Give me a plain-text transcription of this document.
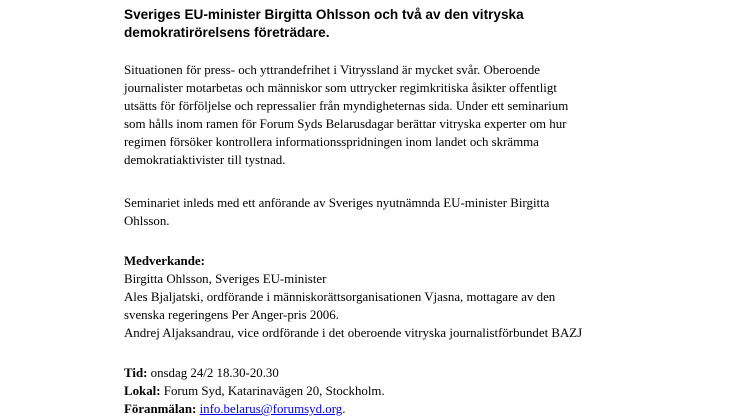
Sveriges EU-minister Birgitta Ohlsson och två av den vitryska
demokratirörelsens företrädare.
Situationen för press- och yttrandefrihet i Vitryssland är mycket svår. Oberoende
journalister motarbetas och människor som uttrycker regimkritiska åsikter offentligt
utsätts för förföljelse och repressalier från myndigheternas sida. Under ett seminarium
som hålls inom ramen för Forum Syds Belarusdagar berättar vitryska experter om hur
regimen försöker kontrollera informationsspridningen inom landet och skrämma
demokratiaktivister till tystnad.
Seminariet inleds med ett anförande av Sveriges nyutnämnda EU-minister Birgitta
Ohlsson.
Medverkande:
Birgitta Ohlsson, Sveriges EU-minister
Ales Bjaljatski, ordförande i människorättsorganisationen Vjasna, mottagare av den
svenska regeringens Per Anger-pris 2006.
Andrej Aljaksandrau, vice ordförande i det oberoende vitryska journalistförbundet BAZJ
Tid: onsdag 24/2 18.30-20.30
Lokal: Forum Syd, Katarinavägen 20, Stockholm.
Föranmälan: info.belarus@forumsyd.org.
